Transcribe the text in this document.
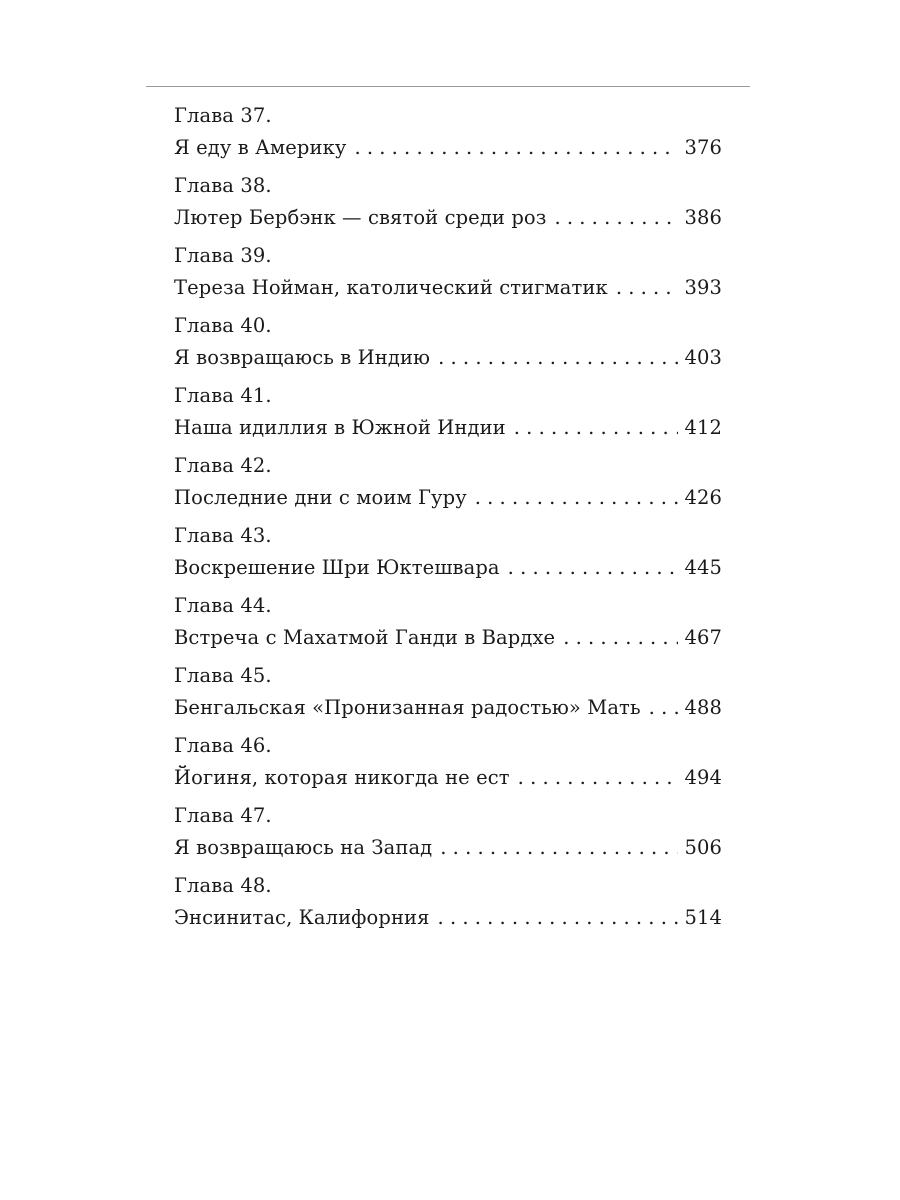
Глава 37.
Я еду в Америку . . .	376
Глава 38.
Лютер Бербэнк — святой среди роз . . .	386
Глава 39.
Тереза Нойман, католический стигматик . . .	393
Глава 40.
Я возвращаюсь в Индию . . .	403
Глава 41.
Наша идиллия в Южной Индии . . .	412
Глава 42.
Последние дни с моим Гуру . . .	426
Глава 43.
Воскрешение Шри Юктешвара . . .	445
Глава 44.
Встреча с Махатмой Ганди в Вардхе . . .	467
Глава 45.
Бенгальская «Пронизанная радостью» Мать . . . 488
Глава 46.
Йогиня, которая никогда не ест . . .	494
Глава 47.
Я возвращаюсь на Запад . . .	506
Глава 48.
Энсинитас, Калифорния . . .	514
